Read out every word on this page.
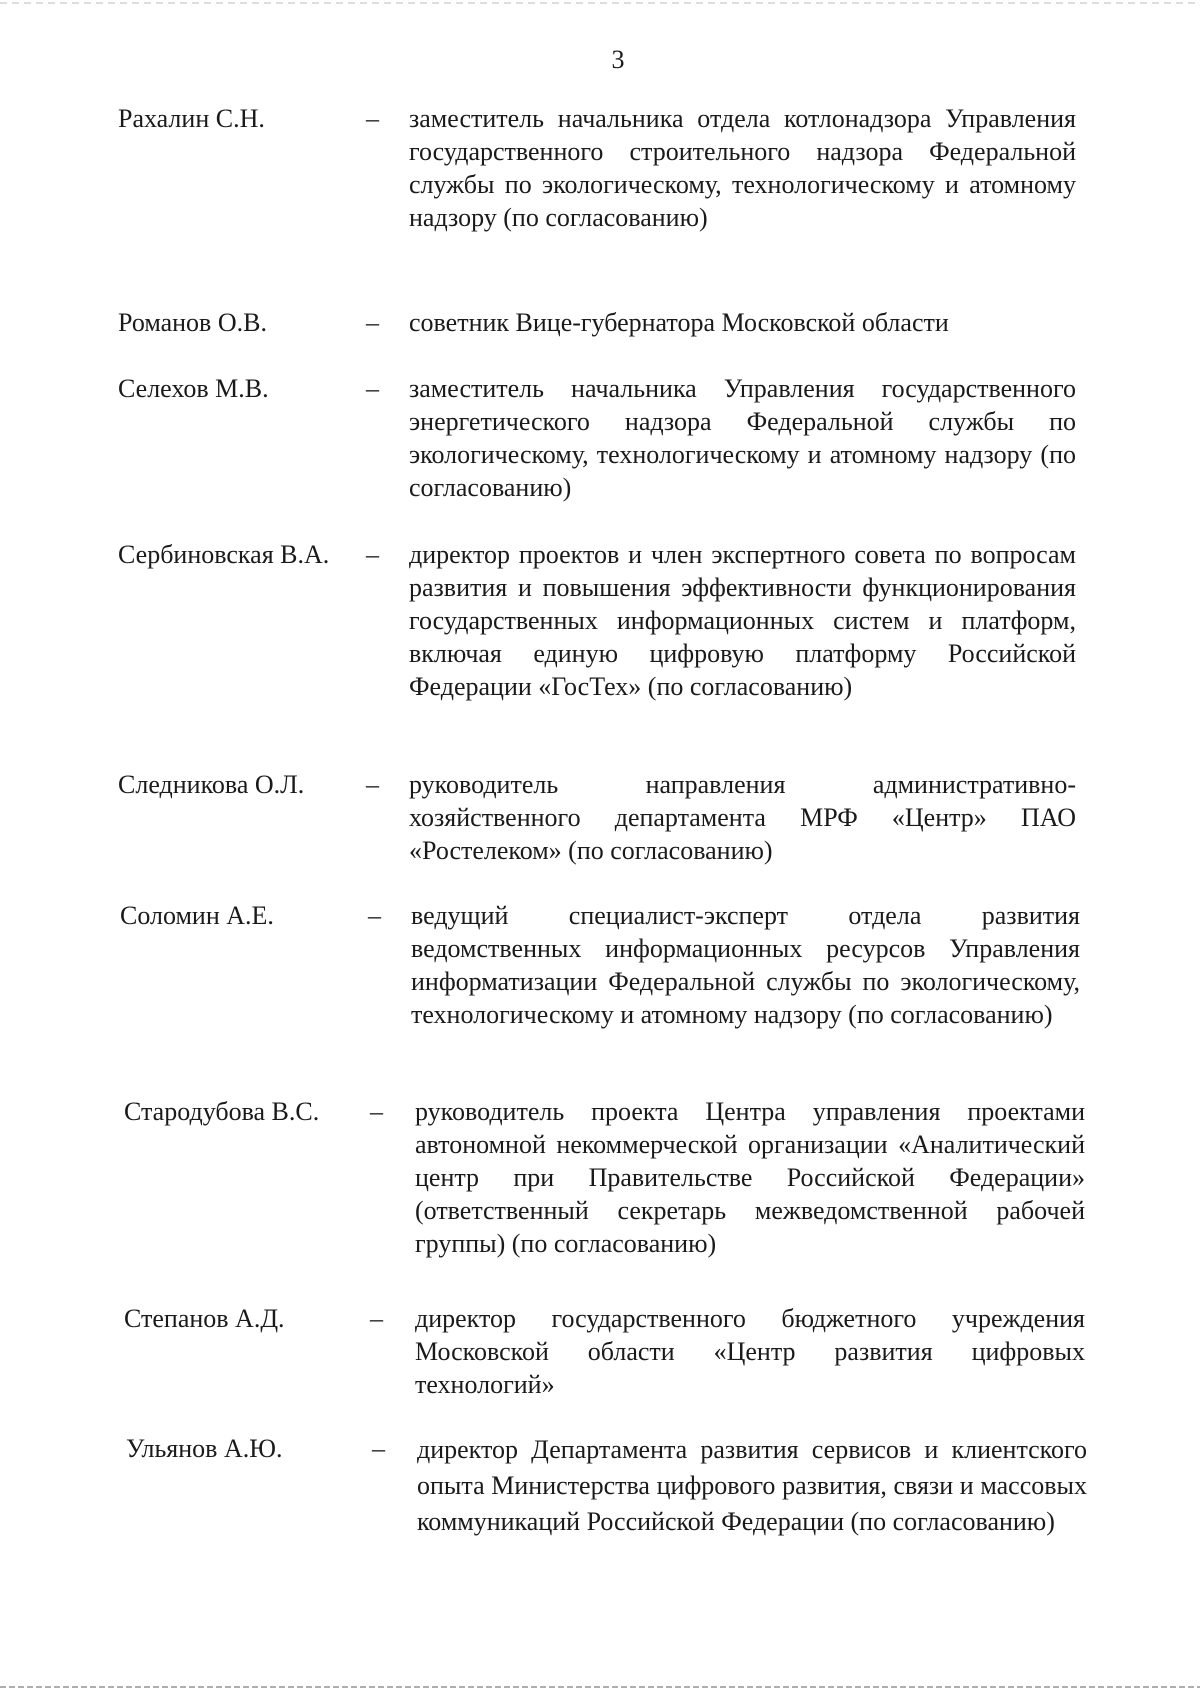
3
Рахалин С.Н.	– заместитель начальника отдела котлонадзора Управления государственного строительного надзора Федеральной службы по экологическому, технологическому и атомному надзору (по согласованию)
Романов О.В.	– советник Вице-губернатора Московской области
Селехов М.В.	– заместитель начальника Управления государственного энергетического надзора Федеральной службы по экологическому, технологическому и атомному надзору (по согласованию)
Сербиновская В.А. – директор проектов и член экспертного совета по вопросам развития и повышения эффективности функционирования государственных информационных систем и платформ, включая единую цифровую платформу Российской Федерации «ГосТех» (по согласованию)
Следникова О.Л. – руководитель направления административно-хозяйственного департамента МРФ «Центр» ПАО «Ростелеком» (по согласованию)
Соломин А.Е.	– ведущий специалист-эксперт отдела развития ведомственных информационных ресурсов Управления информатизации Федеральной службы по экологическому, технологическому и атомному надзору (по согласованию)
Стародубова В.С. – руководитель проекта Центра управления проектами автономной некоммерческой организации «Аналитический центр при Правительстве Российской Федерации» (ответственный секретарь межведомственной рабочей группы) (по согласованию)
Степанов А.Д.	– директор государственного бюджетного учреждения Московской области «Центр развития цифровых технологий»
Ульянов А.Ю.	– директор Департамента развития сервисов и клиентского опыта Министерства цифрового развития, связи и массовых коммуникаций Российской Федерации (по согласованию)
